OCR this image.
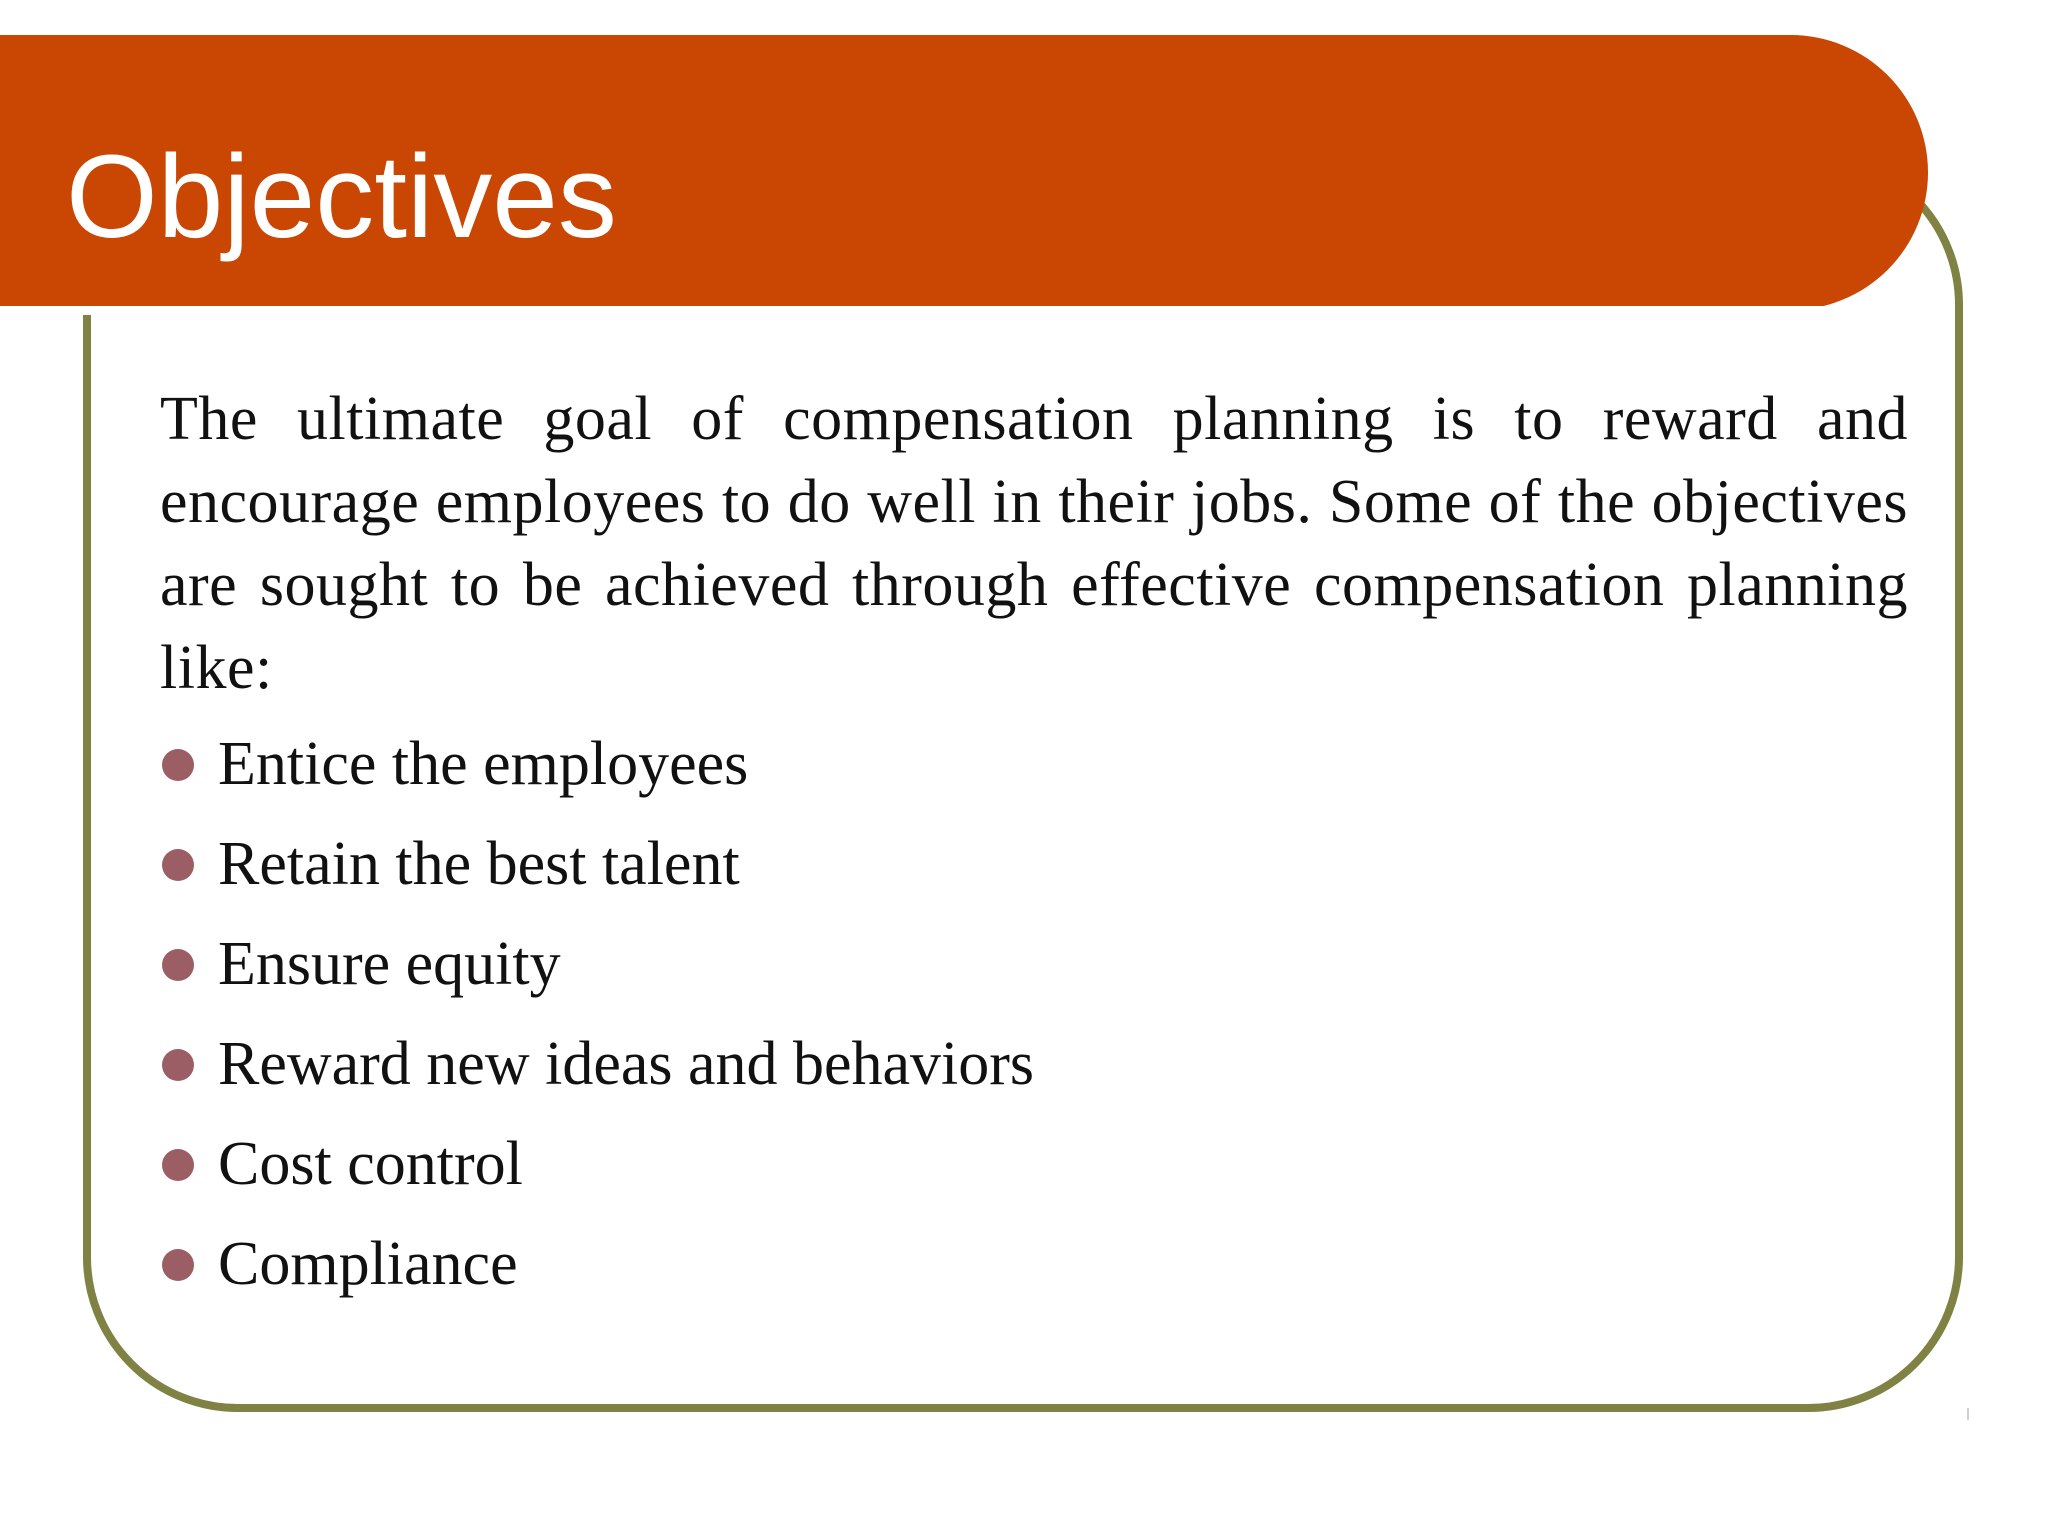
Objectives

The ultimate goal of compensation planning is to reward and encourage employees to do well in their jobs. Some of the objectives are sought to be achieved through effective compensation planning like:

Entice the employees
Retain the best talent
Ensure equity
Reward new ideas and behaviors
Cost control
Compliance
